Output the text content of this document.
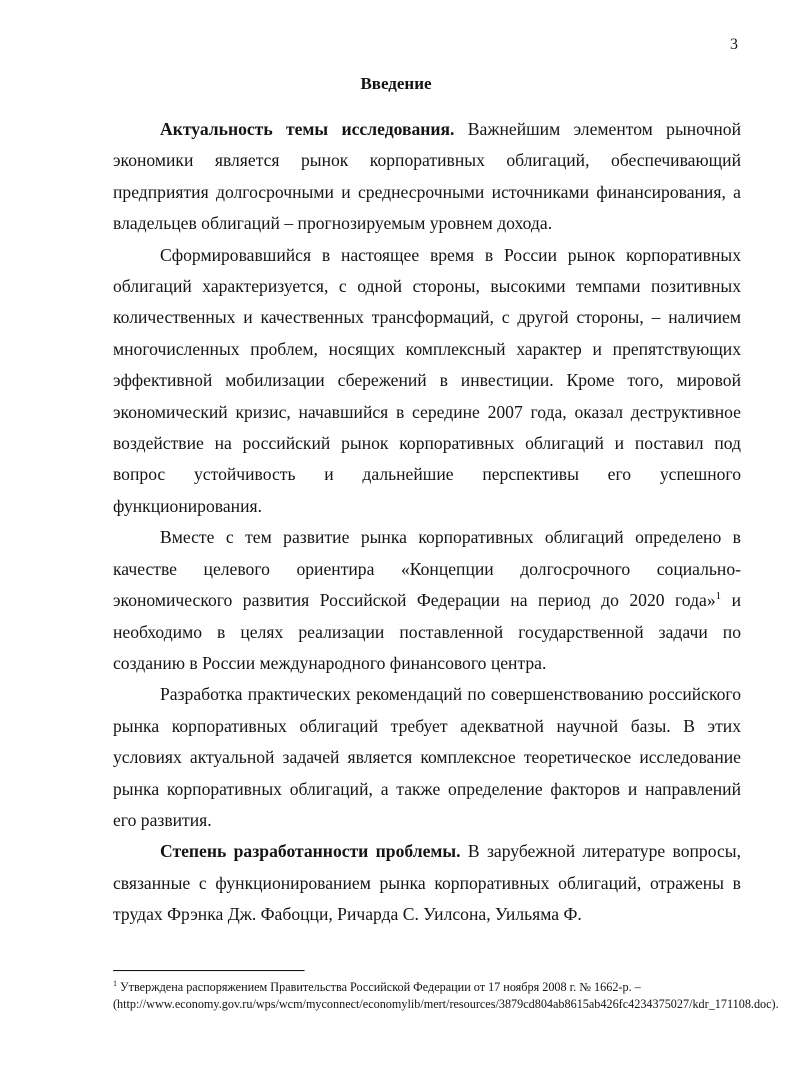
3
Введение

Актуальность темы исследования. Важнейшим элементом рыночной экономики является рынок корпоративных облигаций, обеспечивающий предприятия долгосрочными и среднесрочными источниками финансирования, а владельцев облигаций – прогнозируемым уровнем дохода.

Сформировавшийся в настоящее время в России рынок корпоративных облигаций характеризуется, с одной стороны, высокими темпами позитивных количественных и качественных трансформаций, с другой стороны, – наличием многочисленных проблем, носящих комплексный характер и препятствующих эффективной мобилизации сбережений в инвестиции. Кроме того, мировой экономический кризис, начавшийся в середине 2007 года, оказал деструктивное воздействие на российский рынок корпоративных облигаций и поставил под вопрос устойчивость и дальнейшие перспективы его успешного функционирования.

Вместе с тем развитие рынка корпоративных облигаций определено в качестве целевого ориентира «Концепции долгосрочного социально-экономического развития Российской Федерации на период до 2020 года»$^1$ и необходимо в целях реализации поставленной государственной задачи по созданию в России международного финансового центра.

Разработка практических рекомендаций по совершенствованию российского рынка корпоративных облигаций требует адекватной научной базы. В этих условиях актуальной задачей является комплексное теоретическое исследование рынка корпоративных облигаций, а также определение факторов и направлений его развития.

Степень разработанности проблемы. В зарубежной литературе вопросы, связанные с функционированием рынка корпоративных облигаций, отражены в трудах Фрэнка Дж. Фабоцци, Ричарда С. Уилсона, Уильяма Ф.

$^1$ Утверждена распоряжением Правительства Российской Федерации от 17 ноября 2008 г. № 1662-р. – (http://www.economy.gov.ru/wps/wcm/myconnect/economylib/mert/resources/3879cd804ab8615ab426fc4234375027/kdr_171108.doc).
